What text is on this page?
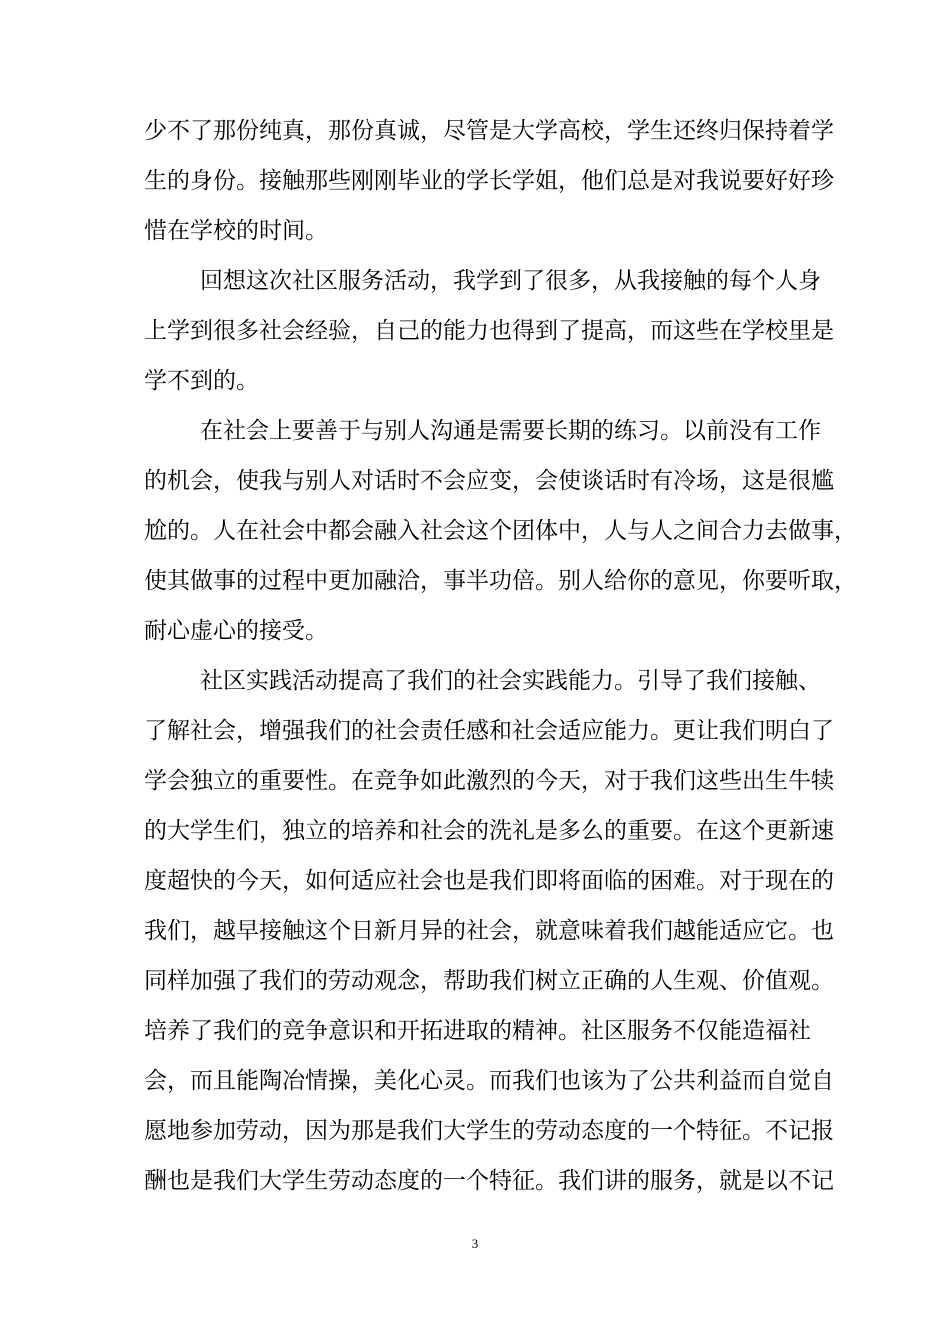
少不了那份纯真，那份真诚，尽管是大学高校，学生还终归保持着学
生的身份。接触那些刚刚毕业的学长学姐，他们总是对我说要好好珍
惜在学校的时间。
回想这次社区服务活动，我学到了很多，从我接触的每个人身
上学到很多社会经验，自己的能力也得到了提高，而这些在学校里是
学不到的。
在社会上要善于与别人沟通是需要长期的练习。以前没有工作
的机会，使我与别人对话时不会应变，会使谈话时有冷场，这是很尴
尬的。人在社会中都会融入社会这个团体中，人与人之间合力去做事，
使其做事的过程中更加融洽，事半功倍。别人给你的意见，你要听取，
耐心虚心的接受。
社区实践活动提高了我们的社会实践能力。引导了我们接触、
了解社会，增强我们的社会责任感和社会适应能力。更让我们明白了
学会独立的重要性。在竞争如此激烈的今天，对于我们这些出生牛犊
的大学生们，独立的培养和社会的洗礼是多么的重要。在这个更新速
度超快的今天，如何适应社会也是我们即将面临的困难。对于现在的
我们，越早接触这个日新月异的社会，就意味着我们越能适应它。也
同样加强了我们的劳动观念，帮助我们树立正确的人生观、价值观。
培养了我们的竞争意识和开拓进取的精神。社区服务不仅能造福社
会，而且能陶冶情操，美化心灵。而我们也该为了公共利益而自觉自
愿地参加劳动，因为那是我们大学生的劳动态度的一个特征。不记报
酬也是我们大学生劳动态度的一个特征。我们讲的服务，就是以不记
3
